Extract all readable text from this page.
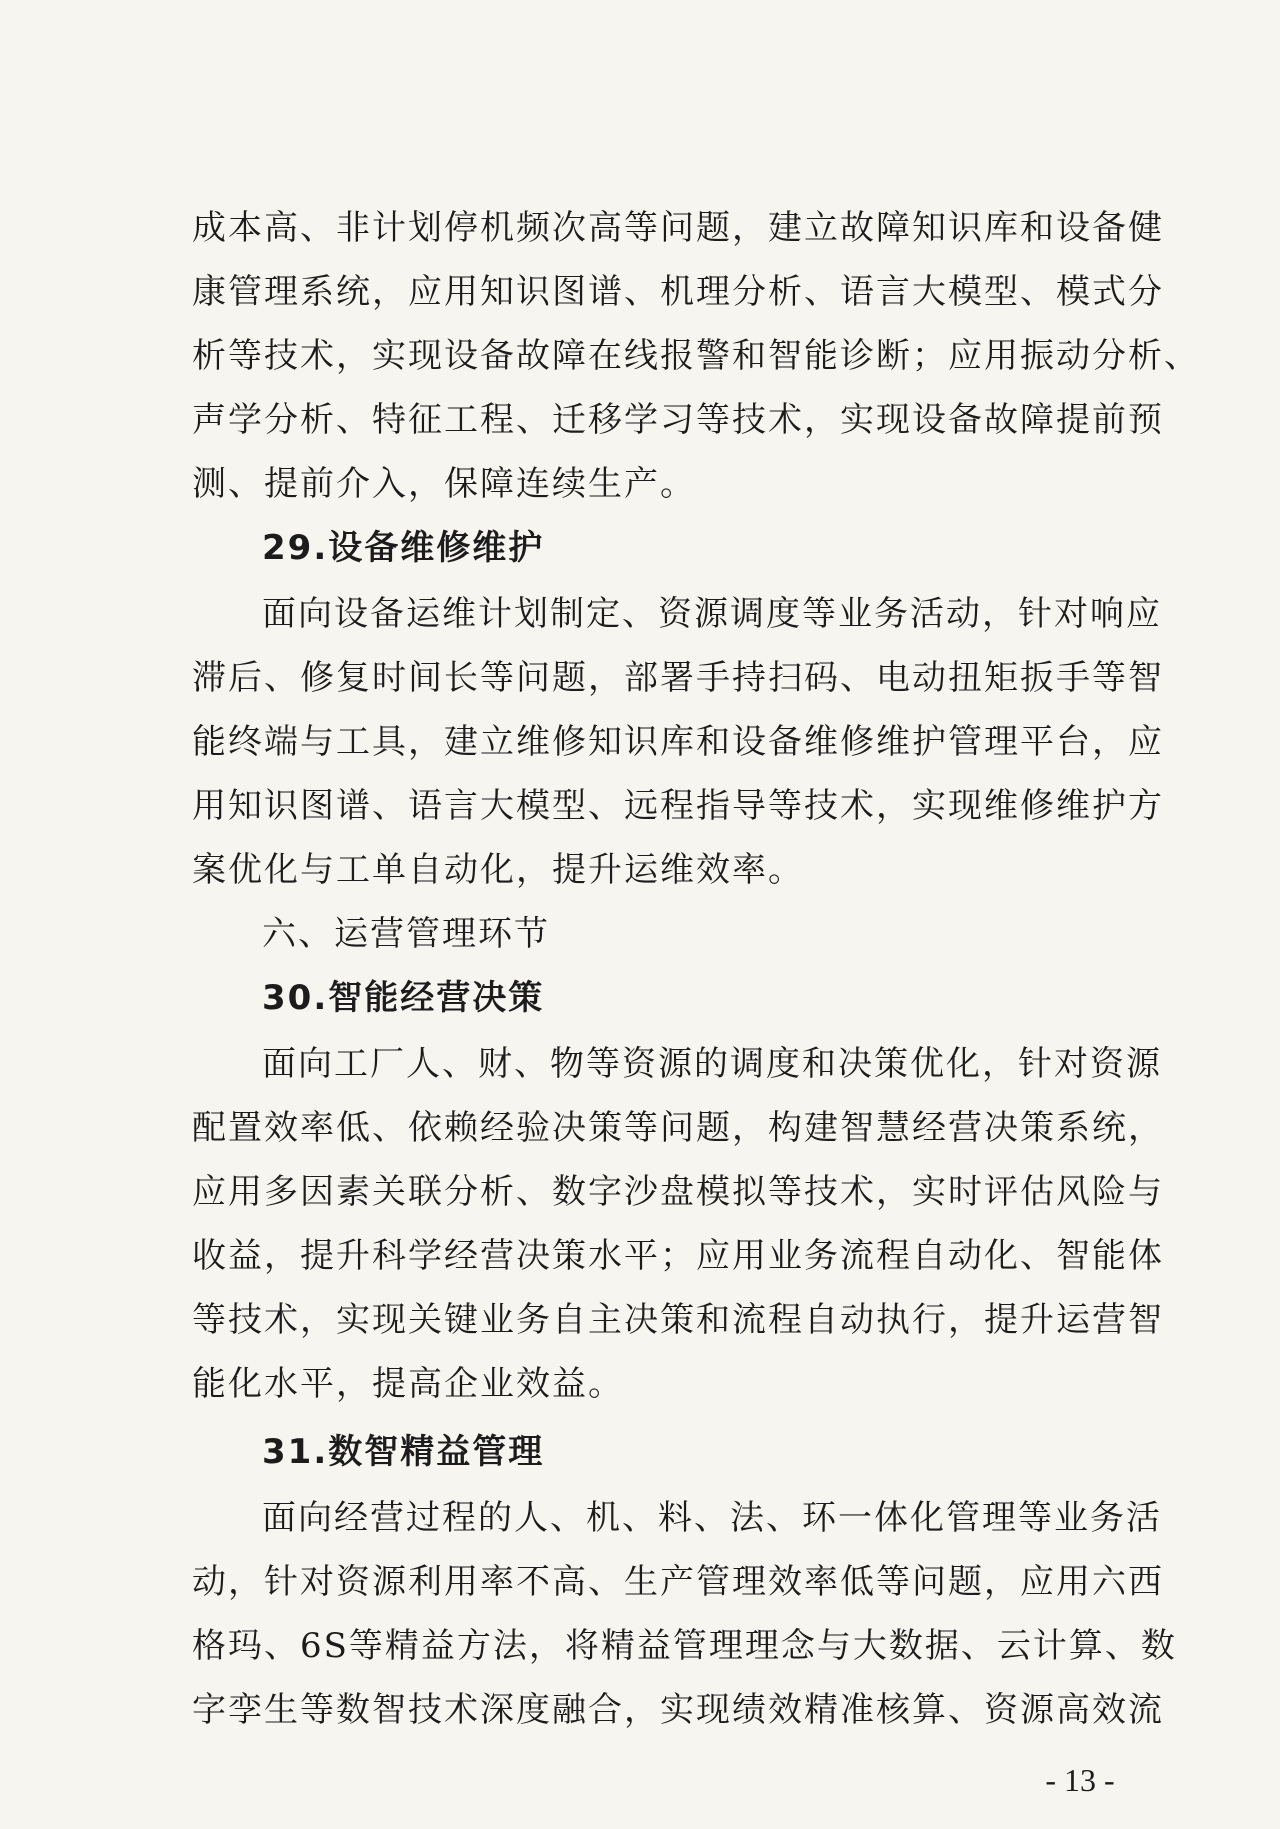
成本高、非计划停机频次高等问题，建立故障知识库和设备健
康管理系统，应用知识图谱、机理分析、语言大模型、模式分
析等技术，实现设备故障在线报警和智能诊断；应用振动分析、
声学分析、特征工程、迁移学习等技术，实现设备故障提前预
测、提前介入，保障连续生产。
29.设备维修维护
面向设备运维计划制定、资源调度等业务活动，针对响应
滞后、修复时间长等问题，部署手持扫码、电动扭矩扳手等智
能终端与工具，建立维修知识库和设备维修维护管理平台，应
用知识图谱、语言大模型、远程指导等技术，实现维修维护方
案优化与工单自动化，提升运维效率。
六、运营管理环节
30.智能经营决策
面向工厂人、财、物等资源的调度和决策优化，针对资源
配置效率低、依赖经验决策等问题，构建智慧经营决策系统，
应用多因素关联分析、数字沙盘模拟等技术，实时评估风险与
收益，提升科学经营决策水平；应用业务流程自动化、智能体
等技术，实现关键业务自主决策和流程自动执行，提升运营智
能化水平，提高企业效益。
31.数智精益管理
面向经营过程的人、机、料、法、环一体化管理等业务活
动，针对资源利用率不高、生产管理效率低等问题，应用六西
格玛、6S等精益方法，将精益管理理念与大数据、云计算、数
字孪生等数智技术深度融合，实现绩效精准核算、资源高效流
- 13 -
